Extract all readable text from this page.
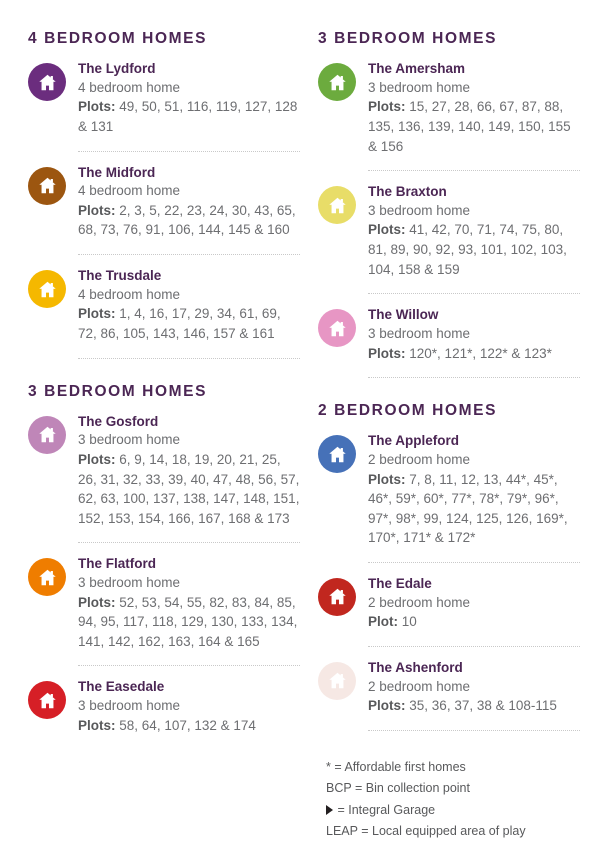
4 BEDROOM HOMES

The Lydford

4 bedroom home

Plots: 49, 50, 51, 116, 119, 127, 128 & 131

The Midford

4 bedroom home

Plots: 2, 3, 5, 22, 23, 24, 30, 43, 65, 68, 73, 76, 91, 106, 144, 145 & 160

The Trusdale

4 bedroom home

Plots: 1, 4, 16, 17, 29, 34, 61, 69, 72, 86, 105, 143, 146, 157 & 161

3 BEDROOM HOMES

The Gosford

3 bedroom home

Plots: 6, 9, 14, 18, 19, 20, 21, 25, 26, 31, 32, 33, 39, 40, 47, 48, 56, 57, 62, 63, 100, 137, 138, 147, 148, 151, 152, 153, 154, 166, 167, 168 & 173

The Flatford

3 bedroom home

Plots: 52, 53, 54, 55, 82, 83, 84, 85, 94, 95, 117, 118, 129, 130, 133, 134, 141, 142, 162, 163, 164 & 165

The Easedale

3 bedroom home

Plots: 58, 64, 107, 132 & 174

3 BEDROOM HOMES

The Amersham

3 bedroom home

Plots: 15, 27, 28, 66, 67, 87, 88, 135, 136, 139, 140, 149, 150, 155 & 156

The Braxton

3 bedroom home

Plots: 41, 42, 70, 71, 74, 75, 80, 81, 89, 90, 92, 93, 101, 102, 103, 104, 158 & 159

The Willow

3 bedroom home

Plots: 120*, 121*, 122* & 123*

2 BEDROOM HOMES

The Appleford

2 bedroom home

Plots: 7, 8, 11, 12, 13, 44*, 45*, 46*, 59*, 60*, 77*, 78*, 79*, 96*, 97*, 98*, 99, 124, 125, 126, 169*, 170*, 171* & 172*

The Edale

2 bedroom home

Plot: 10

The Ashenford

2 bedroom home

Plots: 35, 36, 37, 38 & 108-115

* = Affordable first homes
BCP = Bin collection point
= Integral Garage
LEAP = Local equipped area of play
